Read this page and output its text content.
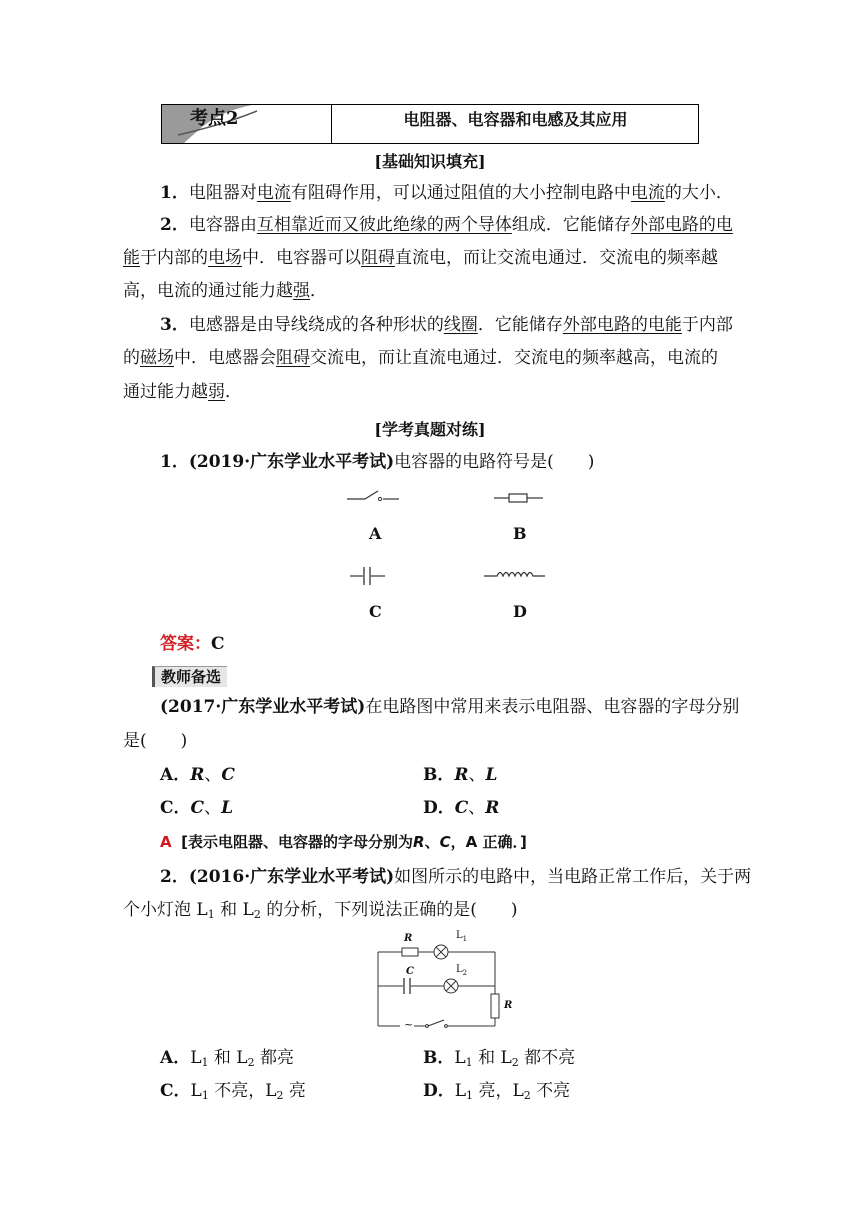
考点2	电阻器、电容器和电感及其应用
[基础知识填充]
1．电阻器对电流有阻碍作用，可以通过阻值的大小控制电路中电流的大小．
2．电容器由互相靠近而又彼此绝缘的两个导体组成．它能储存外部电路的电
能于内部的电场中．电容器可以阻碍直流电，而让交流电通过．交流电的频率越
高，电流的通过能力越强．
3．电感器是由导线绕成的各种形状的线圈．它能储存外部电路的电能于内部
的磁场中．电感器会阻碍交流电，而让直流电通过．交流电的频率越高，电流的
通过能力越弱．
[学考真题对练]
1．(2019·广东学业水平考试)电容器的电路符号是(　　)
A	B
C	D
答案：C
教师备选
(2017·广东学业水平考试)在电路图中常用来表示电阻器、电容器的字母分别
是(　　)
A．R、C	B．R、L
C．C、L	D．C、R
A [表示电阻器、电容器的字母分别为R、C，A 正确．]
2．(2016·广东学业水平考试)如图所示的电路中，当电路正常工作后，关于两
个小灯泡 $L_1$ 和 $L_2$ 的分析，下列说法正确的是(　　)
R	$L_1$
C	$L_2$
R
~
A．$L_1$ 和 $L_2$ 都亮	B．$L_1$ 和 $L_2$ 都不亮
C．$L_1$ 不亮，$L_2$ 亮	D．$L_1$ 亮，$L_2$ 不亮
